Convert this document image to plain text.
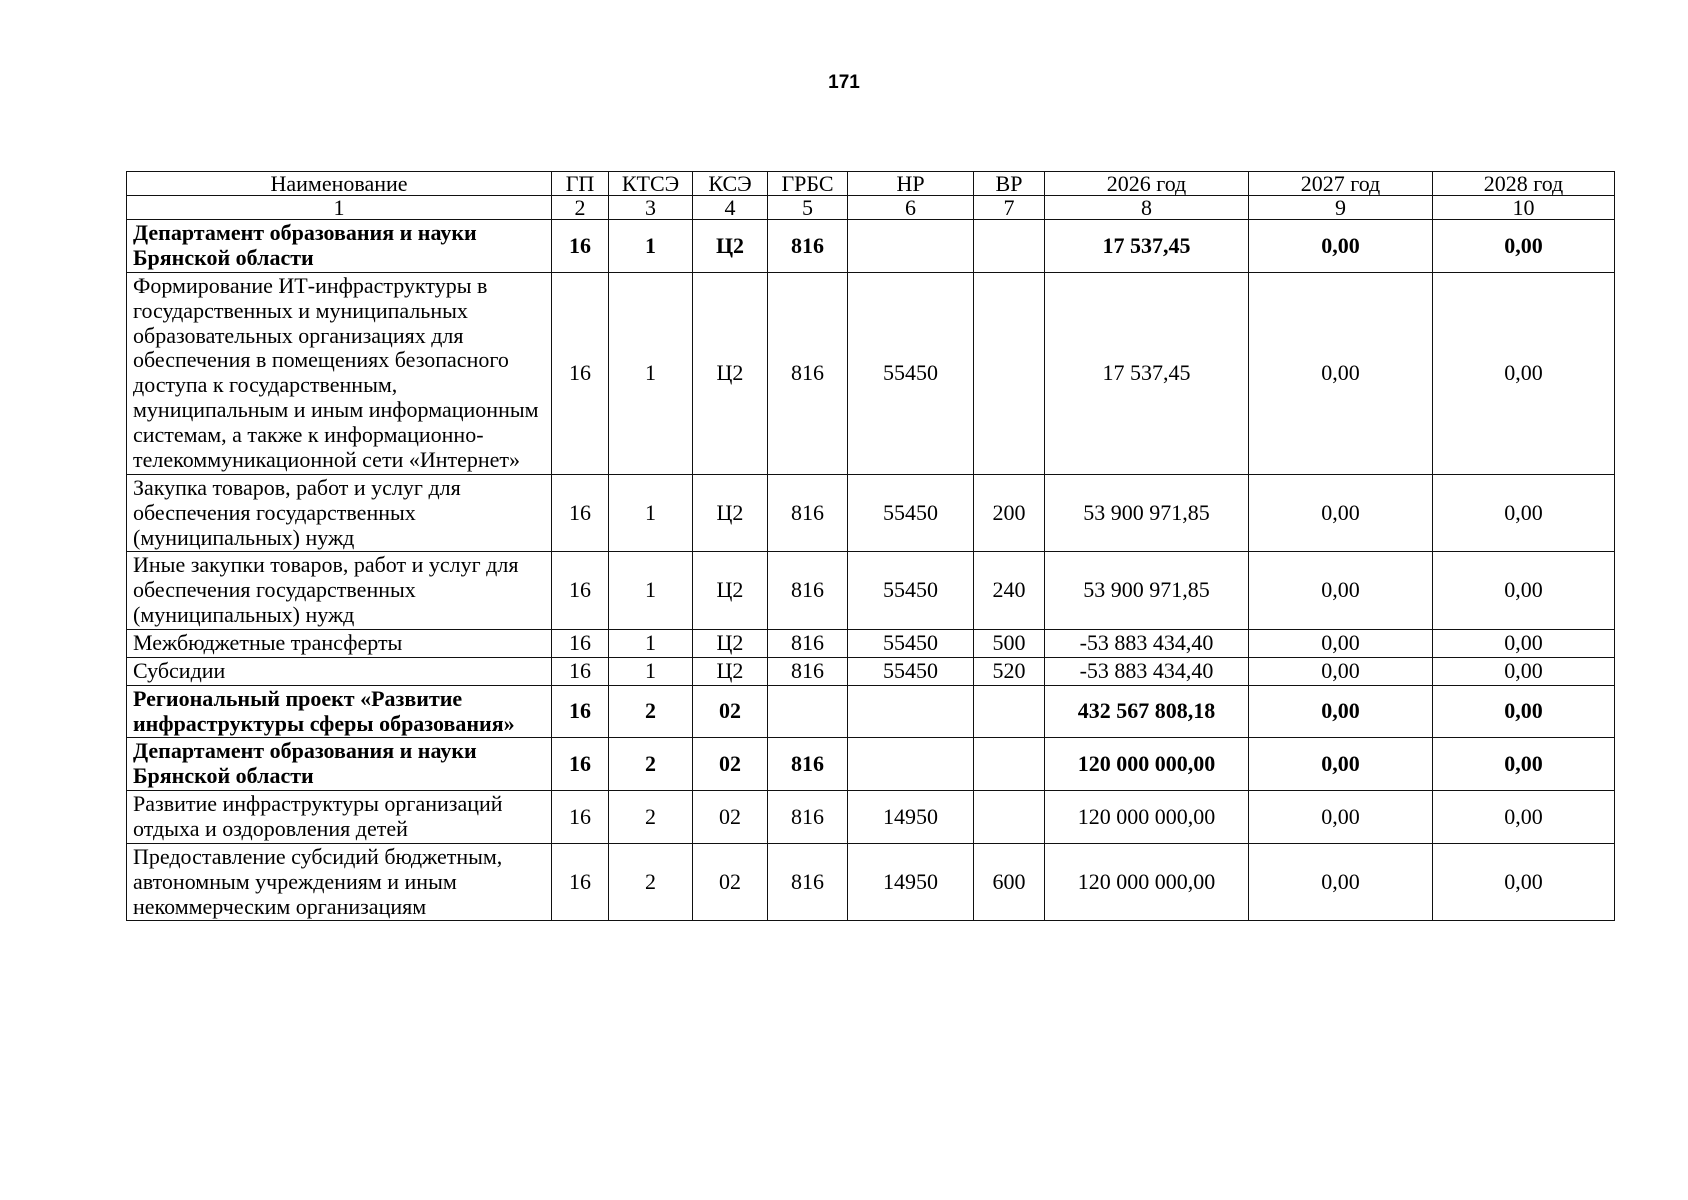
171
Наименование	ГП	КТСЭ	КСЭ	ГРБС	НР	ВР	2026 год	2027 год	2028 год
1	2	3	4	5	6	7	8	9	10
Департамент образования и науки Брянской области	16	1	Ц2	816			17 537,45	0,00	0,00
Формирование ИТ-инфраструктуры в государственных и муниципальных образовательных организациях для обеспечения в помещениях безопасного доступа к государственным, муниципальным и иным информационным системам, а также к информационно-телекоммуникационной сети «Интернет»	16	1	Ц2	816	55450		17 537,45	0,00	0,00
Закупка товаров, работ и услуг для обеспечения государственных (муниципальных) нужд	16	1	Ц2	816	55450	200	53 900 971,85	0,00	0,00
Иные закупки товаров, работ и услуг для обеспечения государственных (муниципальных) нужд	16	1	Ц2	816	55450	240	53 900 971,85	0,00	0,00
Межбюджетные трансферты	16	1	Ц2	816	55450	500	-53 883 434,40	0,00	0,00
Субсидии	16	1	Ц2	816	55450	520	-53 883 434,40	0,00	0,00
Региональный проект «Развитие инфраструктуры сферы образования»	16	2	02				432 567 808,18	0,00	0,00
Департамент образования и науки Брянской области	16	2	02	816			120 000 000,00	0,00	0,00
Развитие инфраструктуры организаций отдыха и оздоровления детей	16	2	02	816	14950		120 000 000,00	0,00	0,00
Предоставление субсидий бюджетным, автономным учреждениям и иным некоммерческим организациям	16	2	02	816	14950	600	120 000 000,00	0,00	0,00
